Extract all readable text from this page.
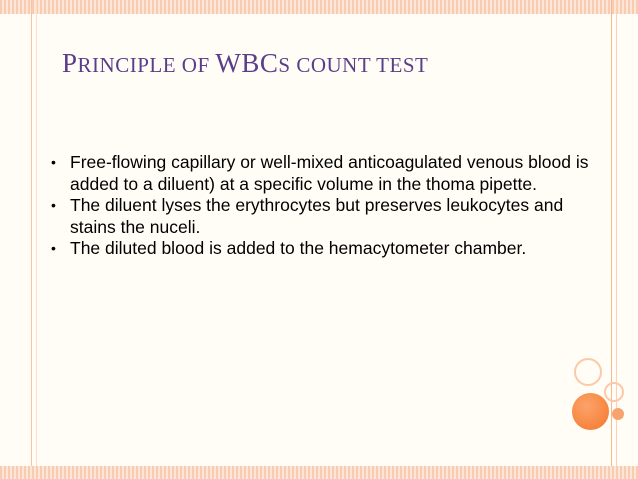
PRINCIPLE OF WBCS COUNT TEST
• Free-flowing capillary or well-mixed anticoagulated venous blood is added to a diluent) at a specific volume in the thoma pipette.
• The diluent lyses the erythrocytes but preserves leukocytes and stains the nuceli.
• The diluted blood is added to the hemacytometer chamber.
